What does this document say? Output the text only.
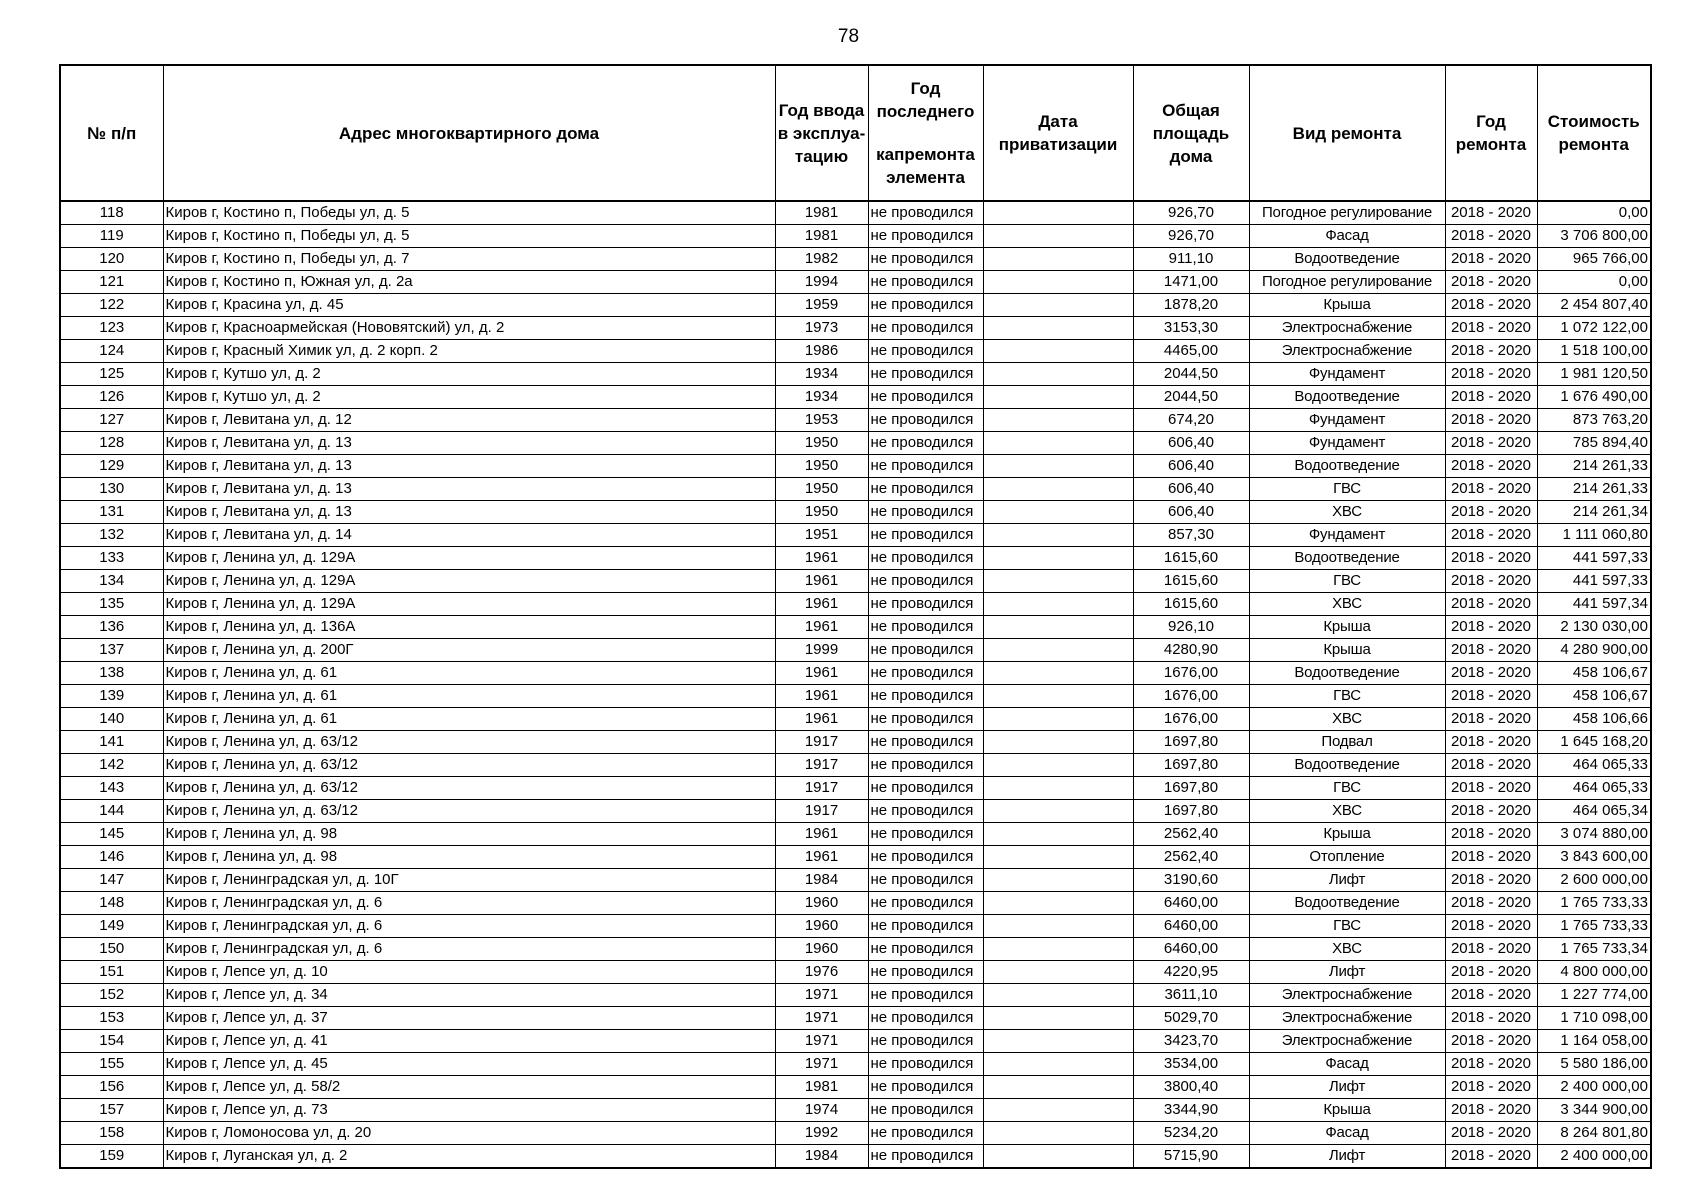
78
№ п/п	Адрес многоквартирного дома	Год ввода в эксплуа-тацию	Год последнего
капремонта элемента	Дата приватизации	Общая площадь дома	Вид ремонта	Год ремонта	Стоимость ремонта
118	Киров г, Костино п, Победы ул, д. 5	1981	не проводился		926,70	Погодное регулирование	2018 - 2020	0,00
119	Киров г, Костино п, Победы ул, д. 5	1981	не проводился		926,70	Фасад	2018 - 2020	3 706 800,00
120	Киров г, Костино п, Победы ул, д. 7	1982	не проводился		911,10	Водоотведение	2018 - 2020	965 766,00
121	Киров г, Костино п, Южная ул, д. 2а	1994	не проводился		1471,00	Погодное регулирование	2018 - 2020	0,00
122	Киров г, Красина ул, д. 45	1959	не проводился		1878,20	Крыша	2018 - 2020	2 454 807,40
123	Киров г, Красноармейская (Нововятский) ул, д. 2	1973	не проводился		3153,30	Электроснабжение	2018 - 2020	1 072 122,00
124	Киров г, Красный Химик ул, д. 2 корп. 2	1986	не проводился		4465,00	Электроснабжение	2018 - 2020	1 518 100,00
125	Киров г, Кутшо ул, д. 2	1934	не проводился		2044,50	Фундамент	2018 - 2020	1 981 120,50
126	Киров г, Кутшо ул, д. 2	1934	не проводился		2044,50	Водоотведение	2018 - 2020	1 676 490,00
127	Киров г, Левитана ул, д. 12	1953	не проводился		674,20	Фундамент	2018 - 2020	873 763,20
128	Киров г, Левитана ул, д. 13	1950	не проводился		606,40	Фундамент	2018 - 2020	785 894,40
129	Киров г, Левитана ул, д. 13	1950	не проводился		606,40	Водоотведение	2018 - 2020	214 261,33
130	Киров г, Левитана ул, д. 13	1950	не проводился		606,40	ГВС	2018 - 2020	214 261,33
131	Киров г, Левитана ул, д. 13	1950	не проводился		606,40	ХВС	2018 - 2020	214 261,34
132	Киров г, Левитана ул, д. 14	1951	не проводился		857,30	Фундамент	2018 - 2020	1 111 060,80
133	Киров г, Ленина ул, д. 129А	1961	не проводился		1615,60	Водоотведение	2018 - 2020	441 597,33
134	Киров г, Ленина ул, д. 129А	1961	не проводился		1615,60	ГВС	2018 - 2020	441 597,33
135	Киров г, Ленина ул, д. 129А	1961	не проводился		1615,60	ХВС	2018 - 2020	441 597,34
136	Киров г, Ленина ул, д. 136А	1961	не проводился		926,10	Крыша	2018 - 2020	2 130 030,00
137	Киров г, Ленина ул, д. 200Г	1999	не проводился		4280,90	Крыша	2018 - 2020	4 280 900,00
138	Киров г, Ленина ул, д. 61	1961	не проводился		1676,00	Водоотведение	2018 - 2020	458 106,67
139	Киров г, Ленина ул, д. 61	1961	не проводился		1676,00	ГВС	2018 - 2020	458 106,67
140	Киров г, Ленина ул, д. 61	1961	не проводился		1676,00	ХВС	2018 - 2020	458 106,66
141	Киров г, Ленина ул, д. 63/12	1917	не проводился		1697,80	Подвал	2018 - 2020	1 645 168,20
142	Киров г, Ленина ул, д. 63/12	1917	не проводился		1697,80	Водоотведение	2018 - 2020	464 065,33
143	Киров г, Ленина ул, д. 63/12	1917	не проводился		1697,80	ГВС	2018 - 2020	464 065,33
144	Киров г, Ленина ул, д. 63/12	1917	не проводился		1697,80	ХВС	2018 - 2020	464 065,34
145	Киров г, Ленина ул, д. 98	1961	не проводился		2562,40	Крыша	2018 - 2020	3 074 880,00
146	Киров г, Ленина ул, д. 98	1961	не проводился		2562,40	Отопление	2018 - 2020	3 843 600,00
147	Киров г, Ленинградская ул, д. 10Г	1984	не проводился		3190,60	Лифт	2018 - 2020	2 600 000,00
148	Киров г, Ленинградская ул, д. 6	1960	не проводился		6460,00	Водоотведение	2018 - 2020	1 765 733,33
149	Киров г, Ленинградская ул, д. 6	1960	не проводился		6460,00	ГВС	2018 - 2020	1 765 733,33
150	Киров г, Ленинградская ул, д. 6	1960	не проводился		6460,00	ХВС	2018 - 2020	1 765 733,34
151	Киров г, Лепсе ул, д. 10	1976	не проводился		4220,95	Лифт	2018 - 2020	4 800 000,00
152	Киров г, Лепсе ул, д. 34	1971	не проводился		3611,10	Электроснабжение	2018 - 2020	1 227 774,00
153	Киров г, Лепсе ул, д. 37	1971	не проводился		5029,70	Электроснабжение	2018 - 2020	1 710 098,00
154	Киров г, Лепсе ул, д. 41	1971	не проводился		3423,70	Электроснабжение	2018 - 2020	1 164 058,00
155	Киров г, Лепсе ул, д. 45	1971	не проводился		3534,00	Фасад	2018 - 2020	5 580 186,00
156	Киров г, Лепсе ул, д. 58/2	1981	не проводился		3800,40	Лифт	2018 - 2020	2 400 000,00
157	Киров г, Лепсе ул, д. 73	1974	не проводился		3344,90	Крыша	2018 - 2020	3 344 900,00
158	Киров г, Ломоносова ул, д. 20	1992	не проводился		5234,20	Фасад	2018 - 2020	8 264 801,80
159	Киров г, Луганская ул, д. 2	1984	не проводился		5715,90	Лифт	2018 - 2020	2 400 000,00
